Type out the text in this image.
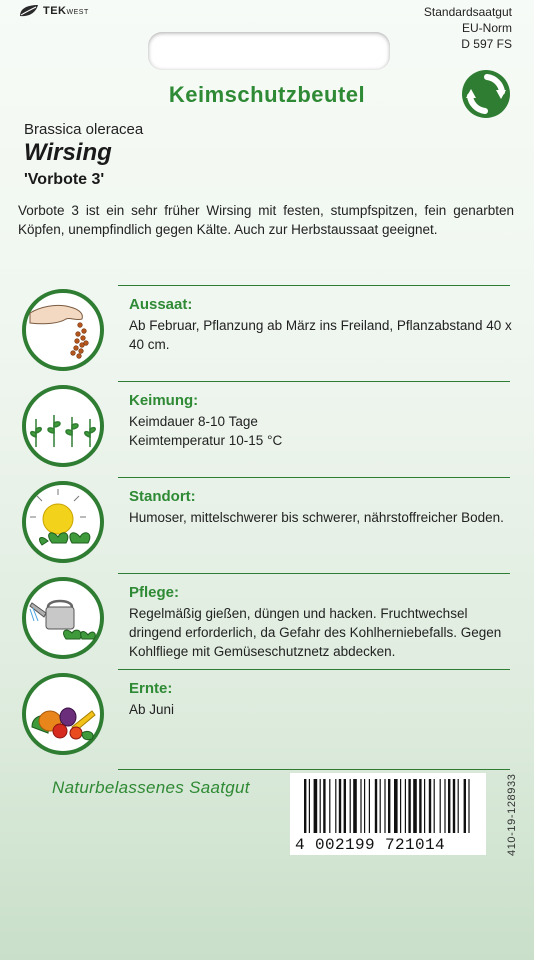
TEKWEST	Standardsaatgut
EU-Norm
D 597 FS
Keimschutzbeutel
Brassica oleracea
Wirsing
'Vorbote 3'
Vorbote 3 ist ein sehr früher Wirsing mit festen, stumpfspitzen, fein genarbten Köpfen, unempfindlich gegen Kälte. Auch zur Herbstaussaat geeignet.
Aussaat:
Ab Februar, Pflanzung ab März ins Freiland, Pflanzabstand 40 x 40 cm.
Keimung:
Keimdauer 8-10 Tage
Keimtemperatur 10-15 °C
Standort:
Humoser, mittelschwerer bis schwerer, nährstoffreicher Boden.
Pflege:
Regelmäßig gießen, düngen und hacken. Fruchtwechsel dringend erforderlich, da Gefahr des Kohlherniebefalls. Gegen Kohlfliege mit Gemüseschutznetz abdecken.
Ernte:
Ab Juni
Naturbelassenes Saatgut
4 002199 721014	410-19-128933
